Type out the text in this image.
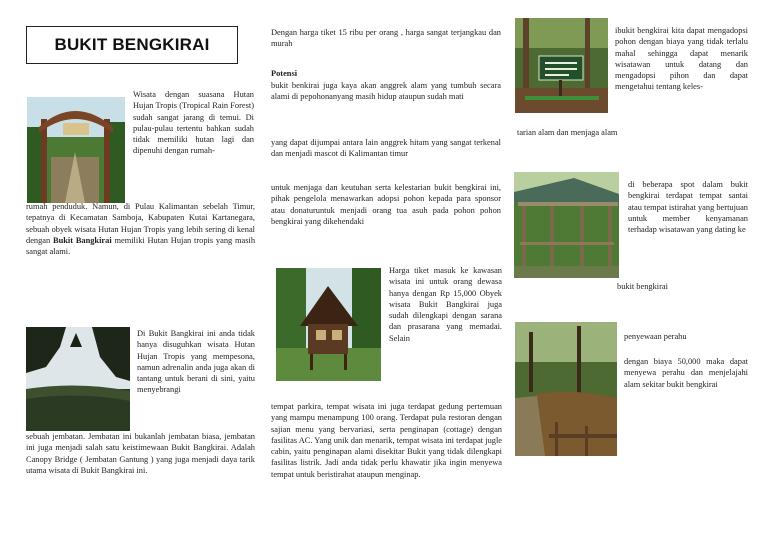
BUKIT BENGKIRAI

Wisata dengan suasana Hutan Hujan Tropis (Tropical Rain Forest) sudah sangat jarang di temui. Di pulau-pulau tertentu bahkan sudah tidak memiliki hutan lagi dan dipenuhi dengan rumah-

rumah penduduk. Namun, di Pulau Kalimantan sebelah Timur, tepatnya di Kecamatan Samboja, Kabupaten Kutai Kartanegara, sebuah obyek wisata Hutan Hujan Tropis yang lebih sering di kenal dengan Bukit Bangkirai memiliki Hutan Hujan tropis yang masih sangat alami.

Di Bukit Bangkirai ini anda tidak hanya disuguhkan wisata Hutan Hujan Tropis yang mempesona, namun adrenalin anda juga akan di tantang untuk berani di sini, yaitu menyebrangi

sebuah jembatan. Jembatan ini bukanlah jembatan biasa, jembatan ini juga menjadi salah satu keistimewaan Bukit Bangkirai. Adalah Canopy Bridge ( Jembatan Gantung ) yang juga menjadi daya tarik utama wisata di Bukit Bangkirai ini.

Dengan harga tiket 15 ribu per orang , harga sangat terjangkau dan murah

Potensi

bukit benkirai juga kaya akan anggrek alam yang tumbuh secara alami di pepohonanyang masih hidup ataupun sudah mati

yang dapat dijumpai antara lain anggrek hitam yang sangat terkenal dan menjadi mascot di Kalimantan timur

untuk menjaga dan keutuhan serta kelestarian bukit bengkirai ini, pihak pengelola menawarkan adopsi pohon kepada para sponsor atau donaturuntuk menjadi orang tua asuh pada pohon pohon bengkirai yang dikehendaki

Harga tiket masuk ke kawasan wisata ini untuk orang dewasa hanya dengan Rp 15,000 Obyek wisata Bukit Bangkirai juga sudah dilengkapi dengan sarana dan prasarana yang memadai. Selain

tempat parkira, tempat wisata ini juga terdapat gedung pertemuan yang mampu menampung 100 orang. Terdapat pula restoran dengan sajian menu yang bervariasi, serta penginapan (cottage) dengan fasilitas AC. Yang unik dan menarik, tempat wisata ini terdapat jugle cabin, yaitu penginapan alami disekitar Bukit yang tidak dilengkapi fasilitas listrik. Jadi anda tidak perlu khawatir jika ingin menyewa tempat untuk beristirahat ataupun menginap.

ibukit bengkirai kita dapat mengadopsi pohon dengan biaya yang tidak terlalu mahal sehingga dapat menarik wisatawan untuk datang dan mengadopsi pihon dan dapat mengetahui tentang keles-

tarian alam dan menjaga alam

di beberapa spot dalam bukit bengkirai terdapat tempat santai atau tempat istirahat yang bertujuan untuk member kenyamanan terhadap wisatawan yang dating ke

bukit bengkirai

penyewaan perahu

dengan biaya 50,000 maka dapat menyewa perahu dan menjelajahi alam sekitar bukit bengkirai
